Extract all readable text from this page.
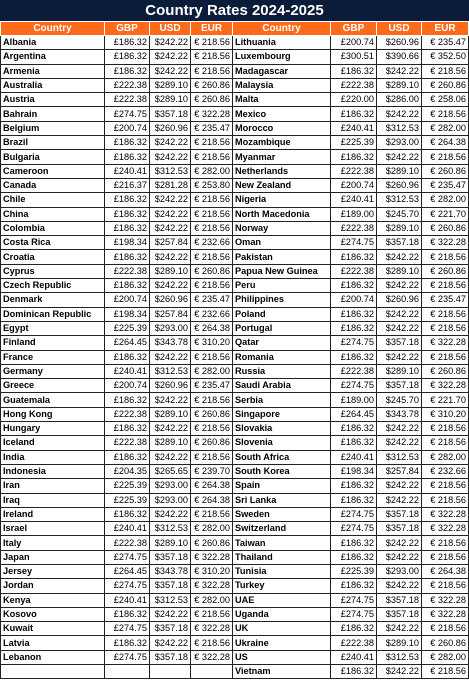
Country Rates 2024-2025
Country	GBP	USD	EUR	Country	GBP	USD	EUR
Albania	£186.32	$242.22	€ 218.56	Lithuania	£200.74	$260.96	€ 235.47
Argentina	£186.32	$242.22	€ 218.56	Luxembourg	£300.51	$390.66	€ 352.50
Armenia	£186.32	$242.22	€ 218.56	Madagascar	£186.32	$242.22	€ 218.56
Australia	£222.38	$289.10	€ 260.86	Malaysia	£222.38	$289.10	€ 260.86
Austria	£222.38	$289.10	€ 260.86	Malta	£220.00	$286.00	€ 258.06
Bahrain	£274.75	$357.18	€ 322.28	Mexico	£186.32	$242.22	€ 218.56
Belgium	£200.74	$260.96	€ 235.47	Morocco	£240.41	$312.53	€ 282.00
Brazil	£186.32	$242.22	€ 218.56	Mozambique	£225.39	$293.00	€ 264.38
Bulgaria	£186.32	$242.22	€ 218.56	Myanmar	£186.32	$242.22	€ 218.56
Cameroon	£240.41	$312.53	€ 282.00	Netherlands	£222.38	$289.10	€ 260.86
Canada	£216.37	$281.28	€ 253.80	New Zealand	£200.74	$260.96	€ 235.47
Chile	£186.32	$242.22	€ 218.56	Nigeria	£240.41	$312.53	€ 282.00
China	£186.32	$242.22	€ 218.56	North Macedonia	£189.00	$245.70	€ 221.70
Colombia	£186.32	$242.22	€ 218.56	Norway	£222.38	$289.10	€ 260.86
Costa Rica	£198.34	$257.84	€ 232.66	Oman	£274.75	$357.18	€ 322.28
Croatia	£186.32	$242.22	€ 218.56	Pakistan	£186.32	$242.22	€ 218.56
Cyprus	£222.38	$289.10	€ 260.86	Papua New Guinea	£222.38	$289.10	€ 260.86
Czech Republic	£186.32	$242.22	€ 218.56	Peru	£186.32	$242.22	€ 218.56
Denmark	£200.74	$260.96	€ 235.47	Philippines	£200.74	$260.96	€ 235.47
Dominican Republic	£198.34	$257.84	€ 232.66	Poland	£186.32	$242.22	€ 218.56
Egypt	£225.39	$293.00	€ 264.38	Portugal	£186.32	$242.22	€ 218.56
Finland	£264.45	$343.78	€ 310.20	Qatar	£274.75	$357.18	€ 322.28
France	£186.32	$242.22	€ 218.56	Romania	£186.32	$242.22	€ 218.56
Germany	£240.41	$312.53	€ 282.00	Russia	£222.38	$289.10	€ 260.86
Greece	£200.74	$260.96	€ 235.47	Saudi Arabia	£274.75	$357.18	€ 322.28
Guatemala	£186.32	$242.22	€ 218.56	Serbia	£189.00	$245.70	€ 221.70
Hong Kong	£222.38	$289.10	€ 260.86	Singapore	£264.45	$343.78	€ 310.20
Hungary	£186.32	$242.22	€ 218.56	Slovakia	£186.32	$242.22	€ 218.56
Iceland	£222.38	$289.10	€ 260.86	Slovenia	£186.32	$242.22	€ 218.56
India	£186.32	$242.22	€ 218.56	South Africa	£240.41	$312.53	€ 282.00
Indonesia	£204.35	$265.65	€ 239.70	South Korea	£198.34	$257.84	€ 232.66
Iran	£225.39	$293.00	€ 264.38	Spain	£186.32	$242.22	€ 218.56
Iraq	£225.39	$293.00	€ 264.38	Sri Lanka	£186.32	$242.22	€ 218.56
Ireland	£186.32	$242.22	€ 218.56	Sweden	£274.75	$357.18	€ 322.28
Israel	£240.41	$312.53	€ 282.00	Switzerland	£274.75	$357.18	€ 322.28
Italy	£222.38	$289.10	€ 260.86	Taiwan	£186.32	$242.22	€ 218.56
Japan	£274.75	$357.18	€ 322.28	Thailand	£186.32	$242.22	€ 218.56
Jersey	£264.45	$343.78	€ 310.20	Tunisia	£225.39	$293.00	€ 264.38
Jordan	£274.75	$357.18	€ 322.28	Turkey	£186.32	$242.22	€ 218.56
Kenya	£240.41	$312.53	€ 282.00	UAE	£274.75	$357.18	€ 322.28
Kosovo	£186.32	$242.22	€ 218.56	Uganda	£274.75	$357.18	€ 322.28
Kuwait	£274.75	$357.18	€ 322.28	UK	£186.32	$242.22	€ 218.56
Latvia	£186.32	$242.22	€ 218.56	Ukraine	£222.38	$289.10	€ 260.86
Lebanon	£274.75	$357.18	€ 322.28	US	£240.41	$312.53	€ 282.00
				Vietnam	£186.32	$242.22	€ 218.56
